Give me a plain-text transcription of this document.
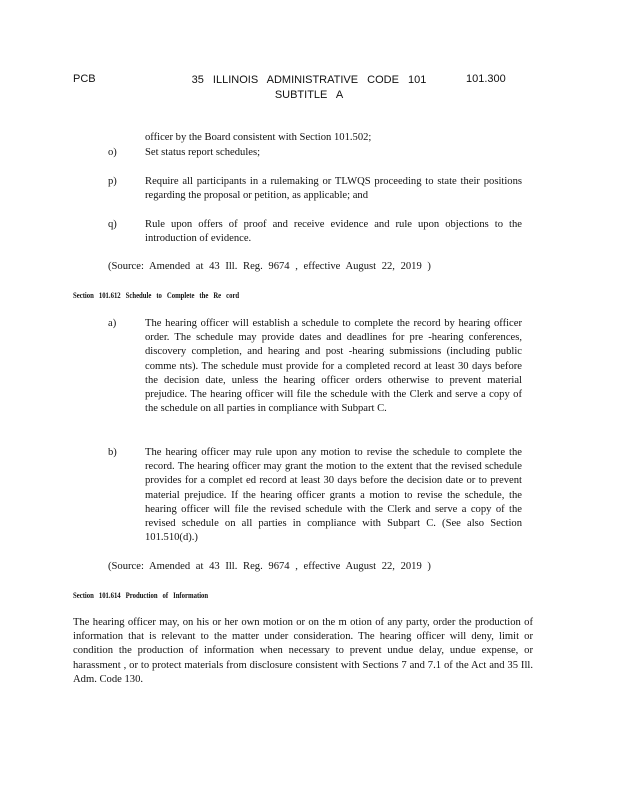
PCB	35 ILLINOIS ADMINISTRATIVE CODE 101
SUBTITLE A
101.300
officer by the Board consistent with Section 101.502;
o)	Set status report schedules;
p)	Require all participants in a rulemaking or TLWQS proceeding to state their positions regarding the proposal or petition, as applicable; and
q)	Rule upon offers of proof and receive evidence and rule upon objections to the introduction of evidence.
(Source: Amended at 43 Ill. Reg. 9674 , effective August 22, 2019 )
Section 101.612 Schedule to Complete the Re cord
a)	The hearing officer will establish a schedule to complete the record by hearing officer order. The schedule may provide dates and deadlines for pre -hearing conferences, discovery completion, and hearing and post -hearing submissions (including public comme nts). The schedule must provide for a completed record at least 30 days before the decision date, unless the hearing officer orders otherwise to prevent material prejudice. The hearing officer will file the schedule with the Clerk and serve a copy of the schedule on all parties in compliance with Subpart C.
b)	The hearing officer may rule upon any motion to revise the schedule to complete the record. The hearing officer may grant the motion to the extent that the revised schedule provides for a complet ed record at least 30 days before the decision date or to prevent material prejudice. If the hearing officer grants a motion to revise the schedule, the hearing officer will file the revised schedule with the Clerk and serve a copy of the revised schedule on all parties in compliance with Subpart C. (See also Section 101.510(d).)
(Source: Amended at 43 Ill. Reg. 9674 , effective August 22, 2019 )
Section 101.614 Production of Information
The hearing officer may, on his or her own motion or on the m otion of any party, order the production of information that is relevant to the matter under consideration. The hearing officer will deny, limit or condition the production of information when necessary to prevent undue delay, undue expense, or harassment , or to protect materials from disclosure consistent with Sections 7 and 7.1 of the Act and 35 Ill. Adm. Code 130.
